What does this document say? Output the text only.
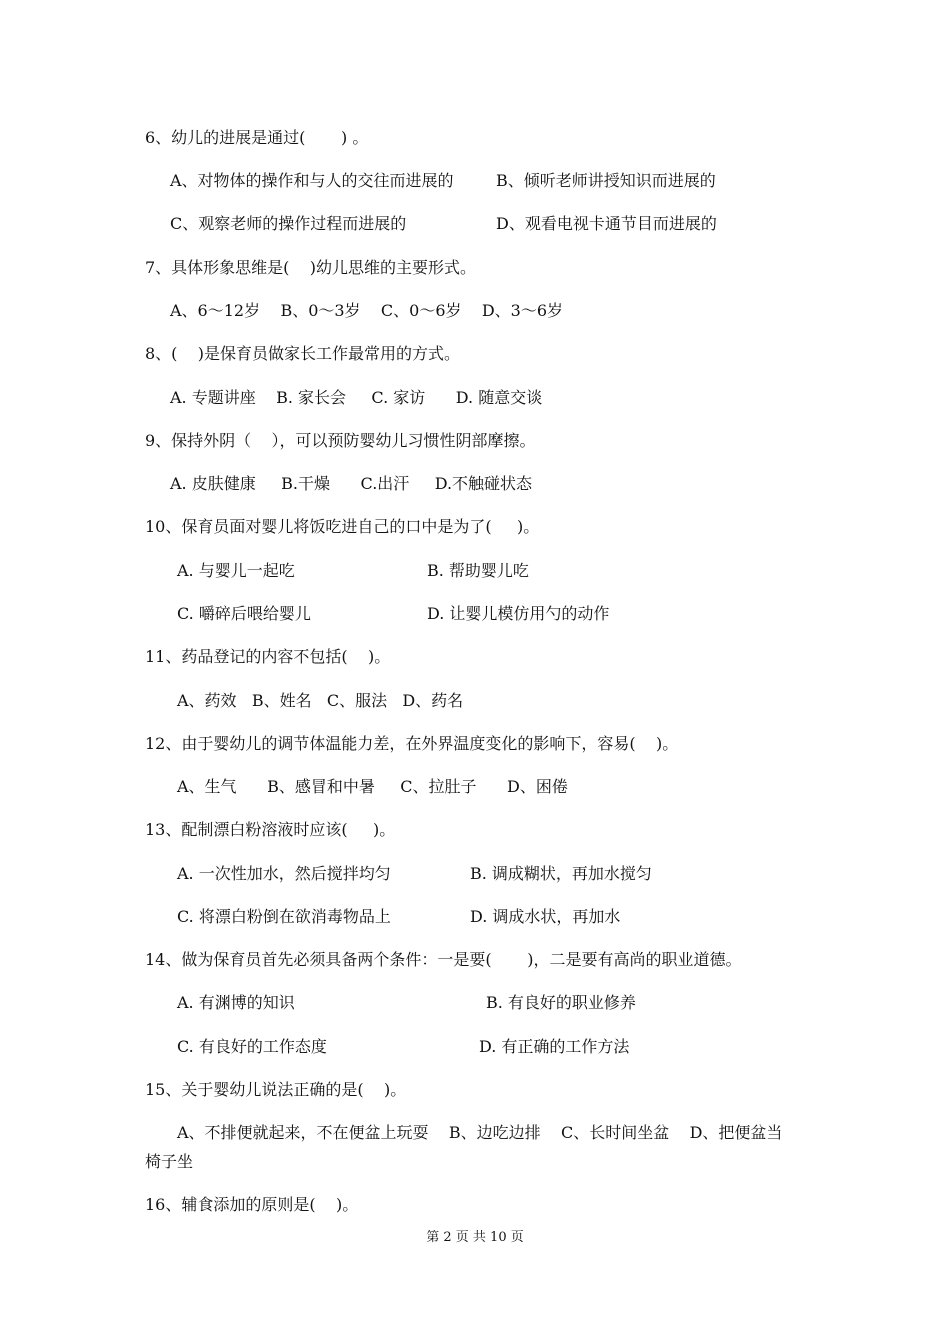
6、幼儿的进展是通过(       ) 。
A、对物体的操作和与人的交往而进展的	B、倾听老师讲授知识而进展的
C、观察老师的操作过程而进展的	D、观看电视卡通节目而进展的
7、具体形象思维是(    )幼儿思维的主要形式。
A、6～12岁    B、0～3岁    C、0～6岁    D、3～6岁
8、(    )是保育员做家长工作最常用的方式。
A. 专题讲座    B. 家长会     C. 家访      D. 随意交谈
9、保持外阴（    ），可以预防婴幼儿习惯性阴部摩擦。
A. 皮肤健康     B.干燥      C.出汗     D.不触碰状态
10、保育员面对婴儿将饭吃进自己的口中是为了(     )。
A. 与婴儿一起吃	B. 帮助婴儿吃
C. 嚼碎后喂给婴儿	D. 让婴儿模仿用勺的动作
11、药品登记的内容不包括(    )。
A、药效   B、姓名   C、服法   D、药名
12、由于婴幼儿的调节体温能力差，在外界温度变化的影响下，容易(    )。
A、生气      B、感冒和中暑     C、拉肚子      D、困倦
13、配制漂白粉溶液时应该(     )。
A. 一次性加水，然后搅拌均匀	B. 调成糊状，再加水搅匀
C. 将漂白粉倒在欲消毒物品上	D. 调成水状，再加水
14、做为保育员首先必须具备两个条件：一是要(       )，二是要有高尚的职业道德。
A. 有渊博的知识	B. 有良好的职业修养
C. 有良好的工作态度	D. 有正确的工作方法
15、关于婴幼儿说法正确的是(    )。
A、不排便就起来，不在便盆上玩耍    B、边吃边排    C、长时间坐盆    D、把便盆当
椅子坐
16、辅食添加的原则是(    )。
第 2 页 共 10 页
